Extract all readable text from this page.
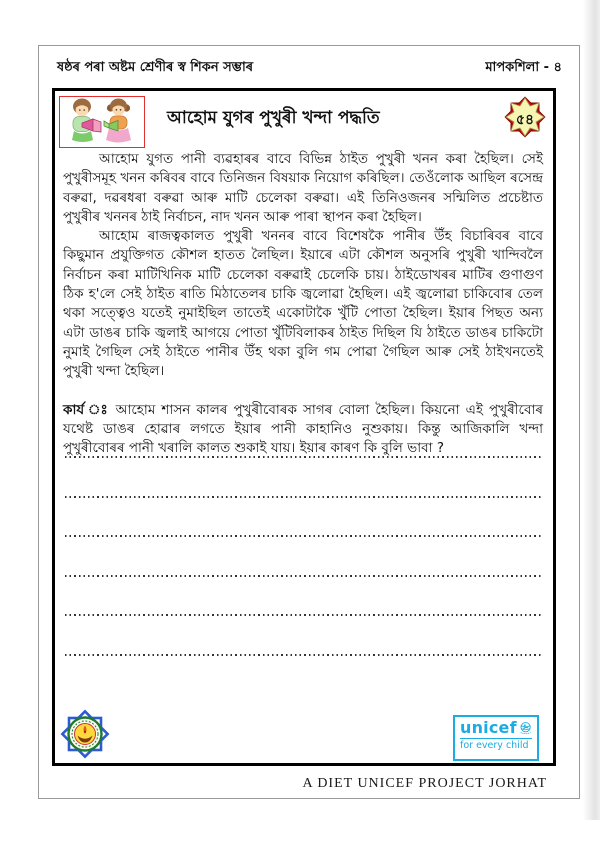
ষষ্ঠৰ পৰা অষ্টম শ্ৰেণীৰ স্ব শিকন সম্ভাৰ	মাপকশিলা - ৪
আহোম যুগৰ পুখুৰী খন্দা পদ্ধতি	৫৪

আহোম যুগত পানী ব্যৱহাৰৰ বাবে বিভিন্ন ঠাইত পুখুৰী খনন কৰা হৈছিল। সেই পুখুৰীসমূহ খনন কৰিবৰ বাবে তিনিজন বিষয়াক নিয়োগ কৰিছিল। তেওঁলোক আছিল ৰসেন্দ্ৰ বৰুৱা, দৱৰধৰা বৰুৱা আৰু মাটি চেলেকা বৰুৱা। এই তিনিওজনৰ সন্মিলিত প্ৰচেষ্টাত পুখুৰীৰ খননৰ ঠাই নিৰ্বাচন, নাদ খনন আৰু পাৰা স্থাপন কৰা হৈছিল।

আহোম ৰাজত্বকালত পুখুৰী খননৰ বাবে বিশেষকৈ পানীৰ উঁহ বিচাৰিবৰ বাবে কিছুমান প্ৰযুক্তিগত কৌশল হাতত লৈছিল। ইয়াৰে এটা কৌশল অনুসৰি পুখুৰী খান্দিবলৈ নিৰ্বাচন কৰা মাটিখিনিক মাটি চেলেকা বৰুৱাই চেলেকি চায়। ঠাইডোখৰৰ মাটিৰ গুণাগুণ ঠিক হ'লে সেই ঠাইত ৰাতি মিঠাতেলৰ চাকি জ্বলোৱা হৈছিল। এই জ্বলোৱা চাকিবোৰ তেল থকা সত্ত্বেও যতেই নুমাইছিল তাতেই একোটাকৈ খুঁটি পোতা হৈছিল। ইয়াৰ পিছত অন্য এটা ডাঙৰ চাকি জ্বলাই আগয়ে পোতা খুঁটিবিলাকৰ ঠাইত দিছিল যি ঠাইতে ডাঙৰ চাকিটো নুমাই গৈছিল সেই ঠাইতে পানীৰ উঁহ থকা বুলি গম পোৱা গৈছিল আৰু সেই ঠাইখনতেই পুখুৰী খন্দা হৈছিল।

কাৰ্য ঃ আহোম শাসন কালৰ পুখুৰীবোৰক সাগৰ বোলা হৈছিল। কিয়নো এই পুখুৰীবোৰ যথেষ্ট ডাঙৰ হোৱাৰ লগতে ইয়াৰ পানী কাহানিও নুশুকায়। কিন্তু আজিকালি খন্দা পুখুৰীবোৰৰ পানী খৰালি কালত শুকাই যায়। ইয়াৰ কাৰণ কি বুলি ভাবা ?

unicef
for every child
A DIET UNICEF PROJECT JORHAT
